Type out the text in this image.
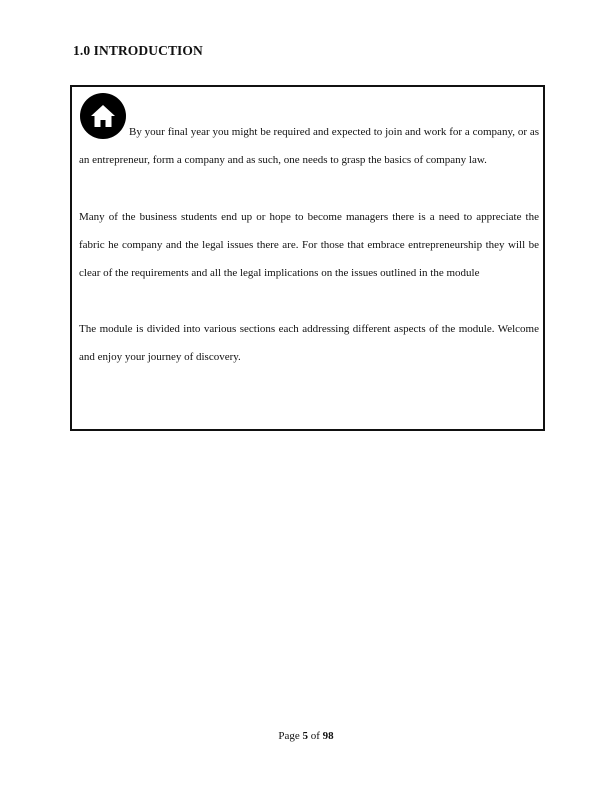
1.0 INTRODUCTION

By your final year you might be required and expected to join and work for a company, or as an entrepreneur, form a company and as such, one needs to grasp the basics of company law.

Many of the business students end up or hope to become managers there is a need to appreciate the fabric he company and the legal issues there are. For those that embrace entrepreneurship they will be clear of the requirements and all the legal implications on the issues outlined in the module

The module is divided into various sections each addressing different aspects of the module. Welcome and enjoy your journey of discovery.

Page 5 of 98
